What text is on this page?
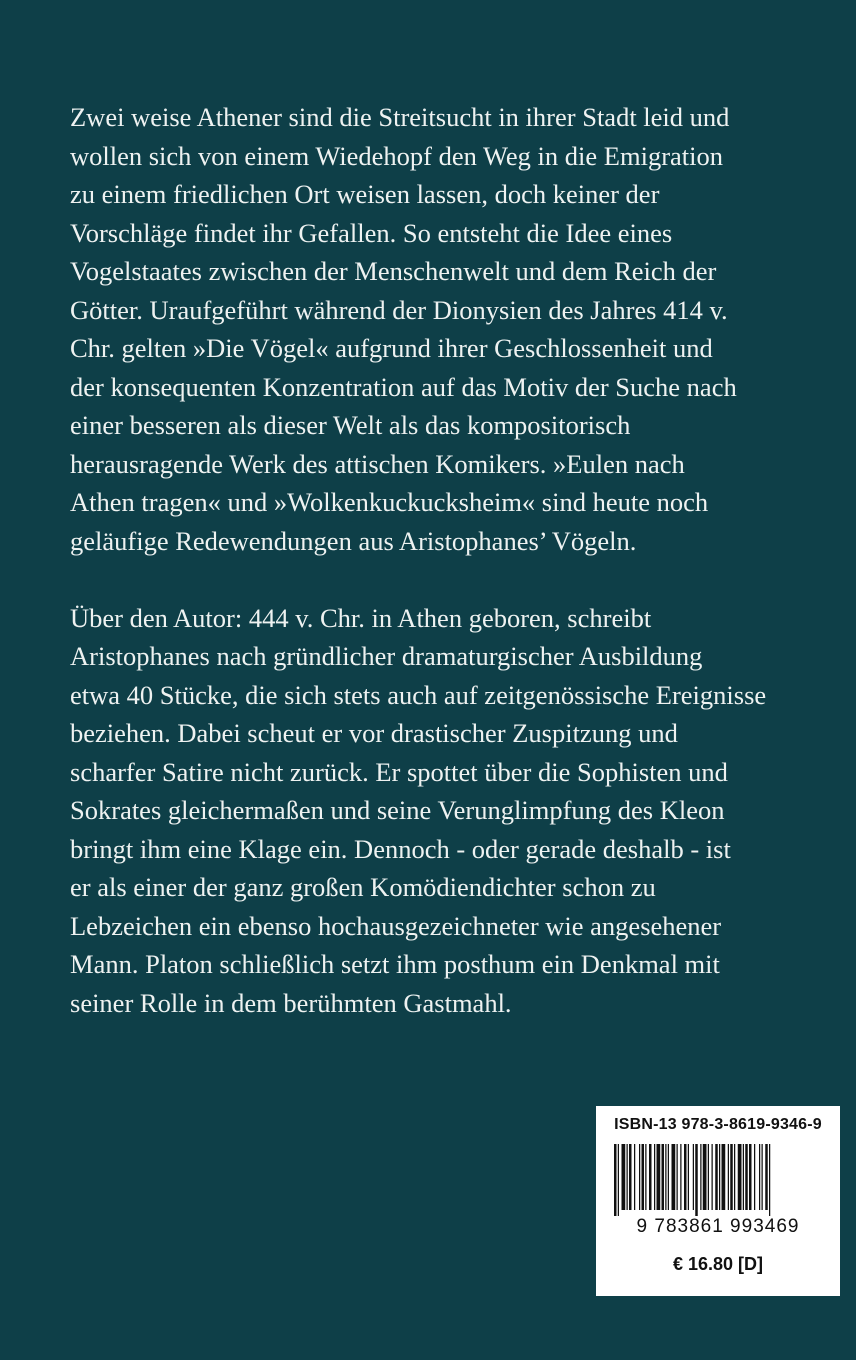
Zwei weise Athener sind die Streitsucht in ihrer Stadt leid und
wollen sich von einem Wiedehopf den Weg in die Emigration
zu einem friedlichen Ort weisen lassen, doch keiner der
Vorschläge findet ihr Gefallen. So entsteht die Idee eines
Vogelstaates zwischen der Menschenwelt und dem Reich der
Götter. Uraufgeführt während der Dionysien des Jahres 414 v.
Chr. gelten »Die Vögel« aufgrund ihrer Geschlossenheit und
der konsequenten Konzentration auf das Motiv der Suche nach
einer besseren als dieser Welt als das kompositorisch
herausragende Werk des attischen Komikers. »Eulen nach
Athen tragen« und »Wolkenkuckucksheim« sind heute noch
geläufige Redewendungen aus Aristophanes’ Vögeln.

Über den Autor: 444 v. Chr. in Athen geboren, schreibt
Aristophanes nach gründlicher dramaturgischer Ausbildung
etwa 40 Stücke, die sich stets auch auf zeitgenössische Ereignisse
beziehen. Dabei scheut er vor drastischer Zuspitzung und
scharfer Satire nicht zurück. Er spottet über die Sophisten und
Sokrates gleichermaßen und seine Verunglimpfung des Kleon
bringt ihm eine Klage ein. Dennoch - oder gerade deshalb - ist
er als einer der ganz großen Komödiendichter schon zu
Lebzeichen ein ebenso hochausgezeichneter wie angesehener
Mann. Platon schließlich setzt ihm posthum ein Denkmal mit
seiner Rolle in dem berühmten Gastmahl.

ISBN-13 978-3-8619-9346-9
9 783861 993469
€ 16.80 [D]
